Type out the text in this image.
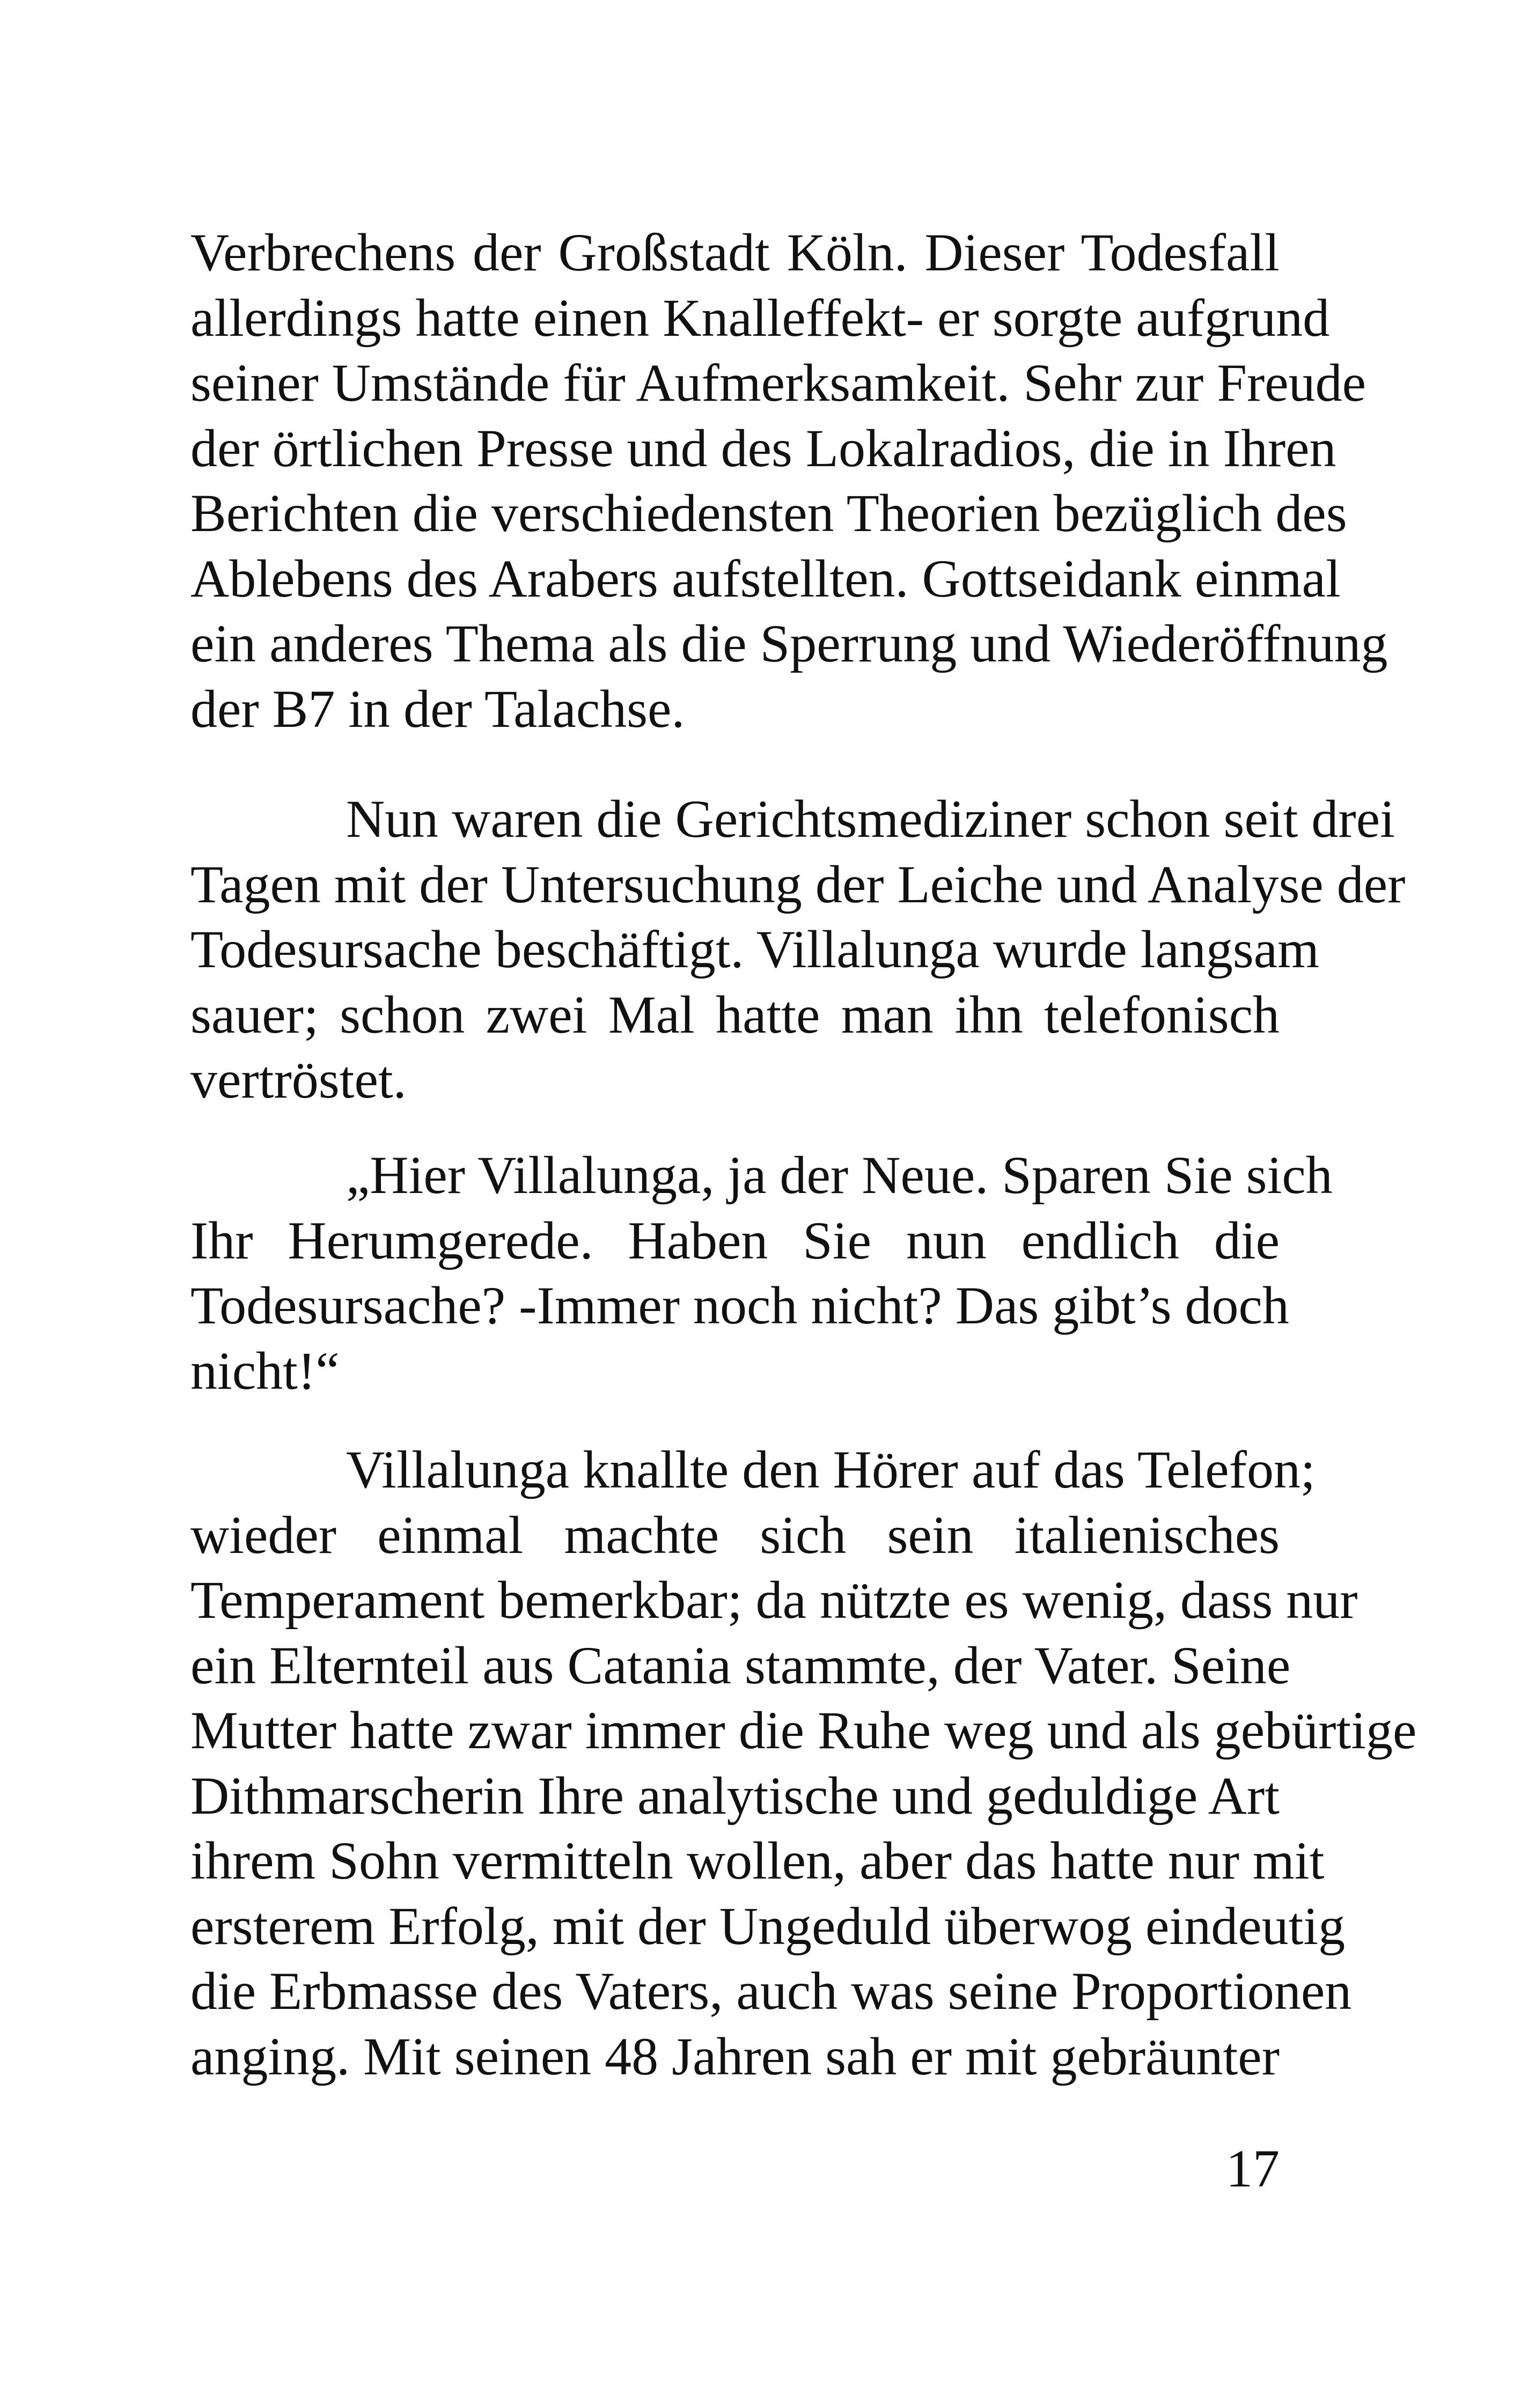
Verbrechens der Großstadt Köln. Dieser Todesfall
allerdings hatte einen Knalleffekt- er sorgte aufgrund
seiner Umstände für Aufmerksamkeit. Sehr zur Freude
der örtlichen Presse und des Lokalradios, die in Ihren
Berichten die verschiedensten Theorien bezüglich des
Ablebens des Arabers aufstellten. Gottseidank einmal
ein anderes Thema als die Sperrung und Wiederöffnung
der B7 in der Talachse.
Nun waren die Gerichtsmediziner schon seit drei
Tagen mit der Untersuchung der Leiche und Analyse der
Todesursache beschäftigt. Villalunga wurde langsam
sauer; schon zwei Mal hatte man ihn telefonisch
vertröstet.
„Hier Villalunga, ja der Neue. Sparen Sie sich
Ihr Herumgerede. Haben Sie nun endlich die
Todesursache? -Immer noch nicht? Das gibt’s doch
nicht!“
Villalunga knallte den Hörer auf das Telefon;
wieder einmal machte sich sein italienisches
Temperament bemerkbar; da nützte es wenig, dass nur
ein Elternteil aus Catania stammte, der Vater. Seine
Mutter hatte zwar immer die Ruhe weg und als gebürtige
Dithmarscherin Ihre analytische und geduldige Art
ihrem Sohn vermitteln wollen, aber das hatte nur mit
ersterem Erfolg, mit der Ungeduld überwog eindeutig
die Erbmasse des Vaters, auch was seine Proportionen
anging. Mit seinen 48 Jahren sah er mit gebräunter
17
